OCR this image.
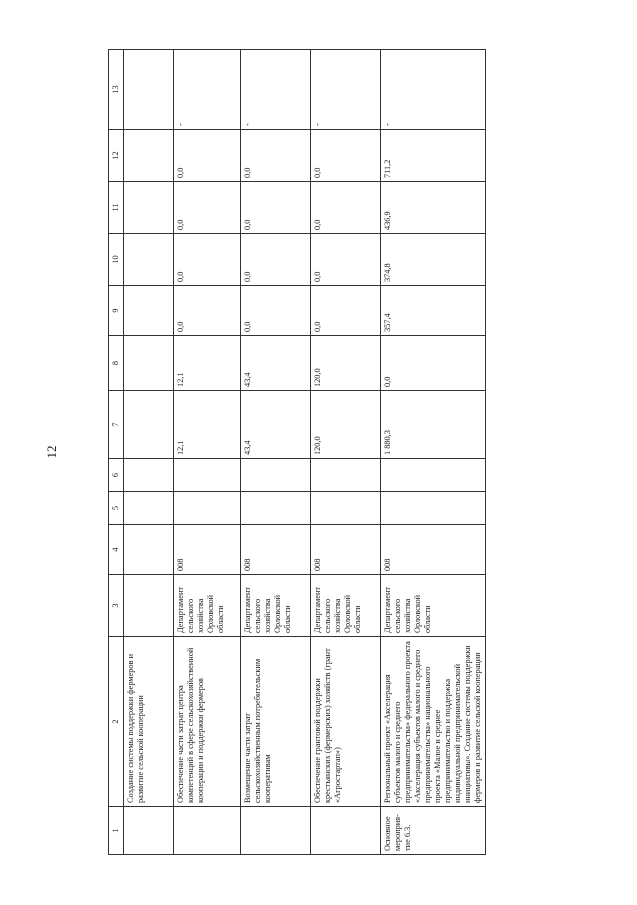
12
1	2	3	4	5	6	7	8	9	10	11	12	13
	Создание системы поддержки фермеров и развитие сельской кооперации											
	Обеспечение части затрат центра компетенций в сфере сельскохозяйственной кооперации и поддержки фермеров	Департамент сельского хозяйства Орловской области	008			12,1	12,1	0,0	0,0	0,0	0,0	-
	Возмещение части затрат сельскохозяйственным потребительским кооперативам	Департамент сельского хозяйства Орловской области	008			43,4	43,4	0,0	0,0	0,0	0,0	-
	Обеспечение грантовой поддержки крестьянских (фермерских) хозяйств (грант «Агростартап»)	Департамент сельского хозяйства Орловской области	008			120,0	120,0	0,0	0,0	0,0	0,0	-
Основное мероприя-тие 6.3.	Региональный проект «Акселерация субъектов малого и среднего предпринимательства» федерального проекта «Акселерация субъектов малого и среднего предпринимательства» национального проекта «Малое и среднее предпринимательство и поддержка индивидуальной предпринимательской инициативы». Создание системы поддержки фермеров и развитие сельской кооперации	Департамент сельского хозяйства Орловской области	008			1 880,3	0,0	357,4	374,8	436,9	711,2	-
